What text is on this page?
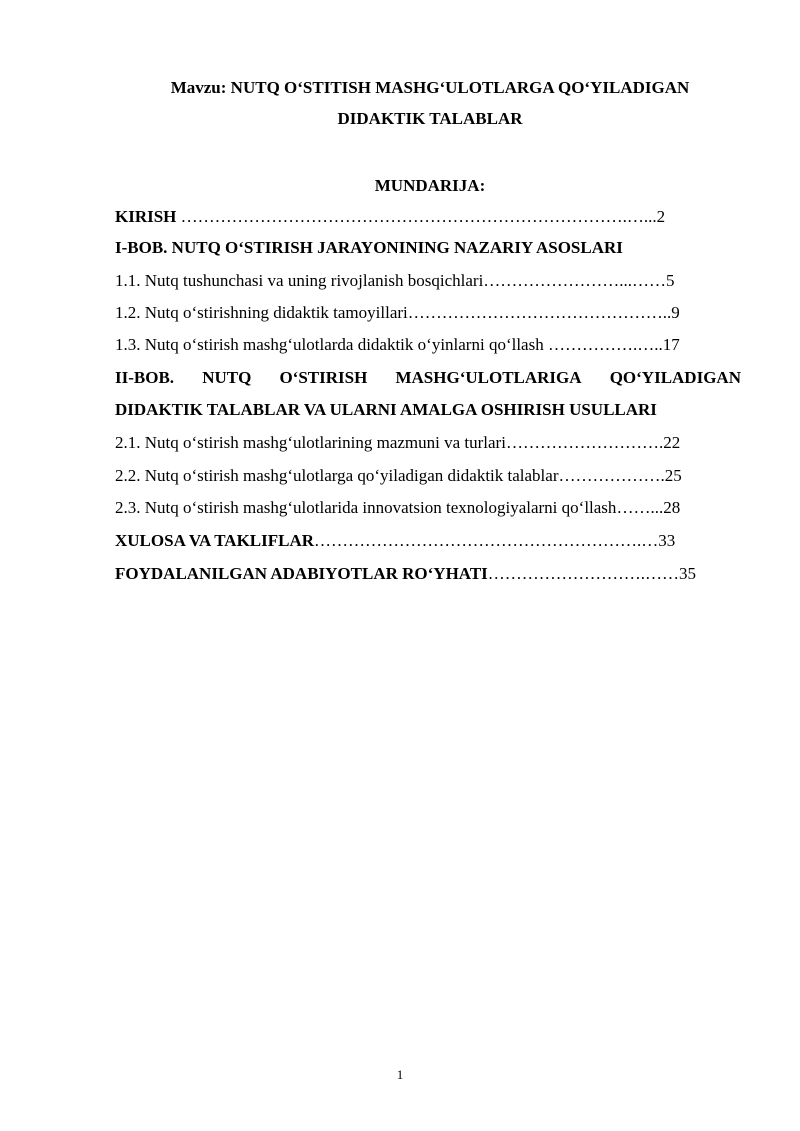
Mavzu: NUTQ O‘STITISH MASHG‘ULOTLARGA QO‘YILADIGAN
DIDAKTIK TALABLAR
MUNDARIJA:
KIRISH …………………………………………………………………….…...2
I-BOB. NUTQ O‘STIRISH JARAYONINING NAZARIY ASOSLARI
1.1. Nutq tushunchasi va uning rivojlanish bosqichlari……………………...……5
1.2. Nutq o‘stirishning didaktik tamoyillari………………………………………..9
1.3. Nutq o‘stirish mashg‘ulotlarda didaktik o‘yinlarni qo‘llash …………….…..17
II-BOB. NUTQ O‘STIRISH MASHG‘ULOTLARIGA QO‘YILADIGAN
DIDAKTIK TALABLAR VA ULARNI AMALGA OSHIRISH USULLARI
2.1. Nutq o‘stirish mashg‘ulotlarining mazmuni va turlari……………………….22
2.2. Nutq o‘stirish mashg‘ulotlarga qo‘yiladigan didaktik talablar……………….25
2.3. Nutq o‘stirish mashg‘ulotlarida innovatsion texnologiyalarni qo‘llash……...28
XULOSA VA TAKLIFLAR………………………………………………….…33
FOYDALANILGAN ADABIYOTLAR RO‘YHATI……………………….……35
1
